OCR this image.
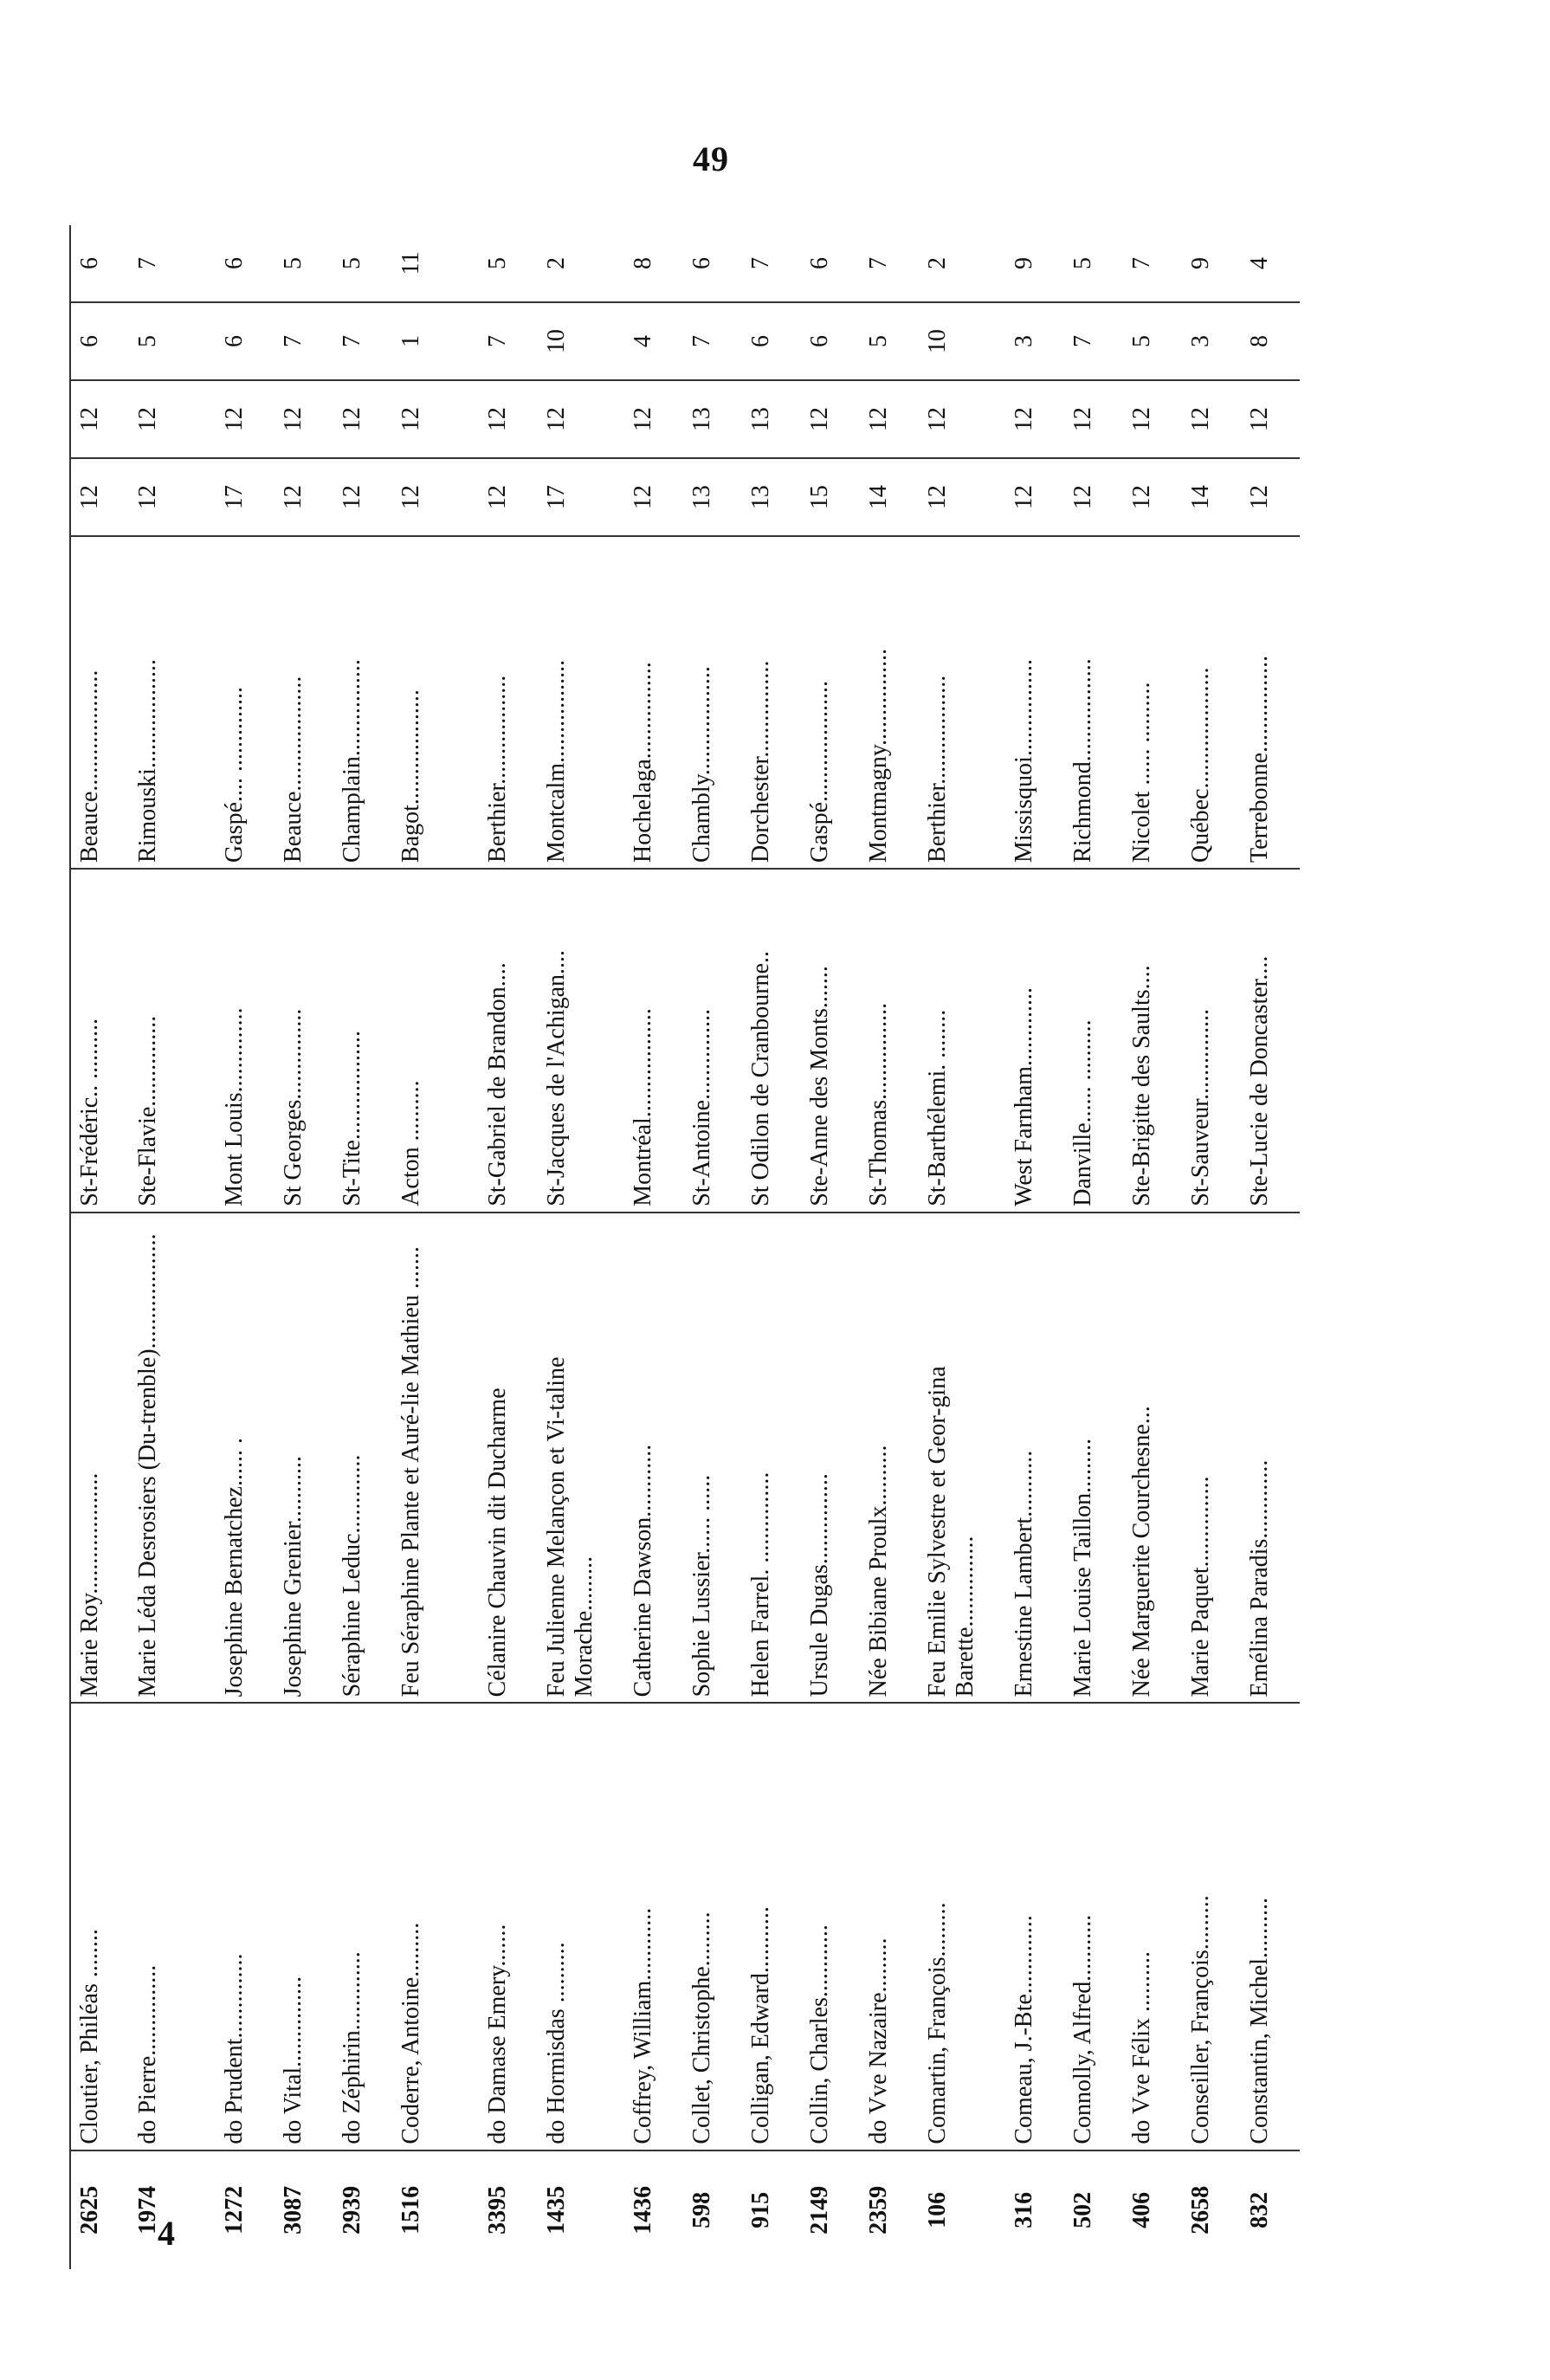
49
2625	Cloutier, Philéas ........	Marie Roy....................	St-Frédéric.. ..........	Beauce....................	12	12	6	6
1974	do Pierre...............	Marie Léda Desrosiers (Du-trenble)...................	Ste-Flavie...............	Rimouski..................	12	12	5	7
1272	do Prudent..............	Josephine Bernatchez...... .	Mont Louis..............	Gaspé.... ..............	17	12	6	6
3087	do Vital...............	Josephine Grenier...........	St Georges...............	Beauce...................	12	12	7	5
2939	do Zéphirin.............	Séraphine Leduc.............	St-Tite..................	Champlain................	12	12	7	5
1516	Coderre, Antoine.........	Feu Séraphine Plante et Auré-lie Mathieu .......	Acton ..........	Bagot...................	12	12	1	11
3395	do Damase Emery.......	Célanire Chauvin dit Ducharme	St-Gabriel de Brandon....	Berthier..................	12	12	7	5
1435	do Hormisdas ..........	Feu Julienne Melançon et Vi-taline Morache.........	St-Jacques de l'Achigan....	Montcalm.................	17	12	10	2
1436	Coffrey, William............	Catherine Dawson............	Montréal..................	Hochelaga................	12	12	4	8
598	Collet, Christophe.........	Sophie Lussier...... ......	St-Antoine...............	Chambly..................	13	13	7	6
915	Colligan, Edward...........	Helen Farrel. ...............	St Odilon de Cranbourne..	Dorchester................	13	13	6	7
2149	Collin, Charles............	Ursule Dugas...............	Ste-Anne des Monts.......	Gaspé....................	15	12	6	6
2359	do Vve Nazaire.........	Née Bibiane Proulx..........	St-Thomas................	Montmagny................	14	12	5	7
106	Comartin, François.........	Feu Emilie Sylvestre et Geor-gina Barette...............	St-Barthélemi. ........	Berthier..................	12	12	10	2
316	Comeau, J.-Bte.............	Ernestine Lambert...........	West Farnham.............	Missisquoi................	12	12	3	9
502	Connolly, Alfred...........	Marie Louise Taillon.........	Danville...... ..........	Richmond.................	12	12	7	5
406	do Vve Félix ..........	Née Marguerite Courchesne...	Ste-Brigitte des Saults....	Nicolet ...... ..........	12	12	5	7
2658	Conseiller, François.........	Marie Paquet...............	St-Sauveur...............	Québec....................	14	12	3	9
832	Constantin, Michel..........	Emélina Paradis.............	Ste-Lucie de Doncaster....	Terrebonne................	12	12	8	4
4
